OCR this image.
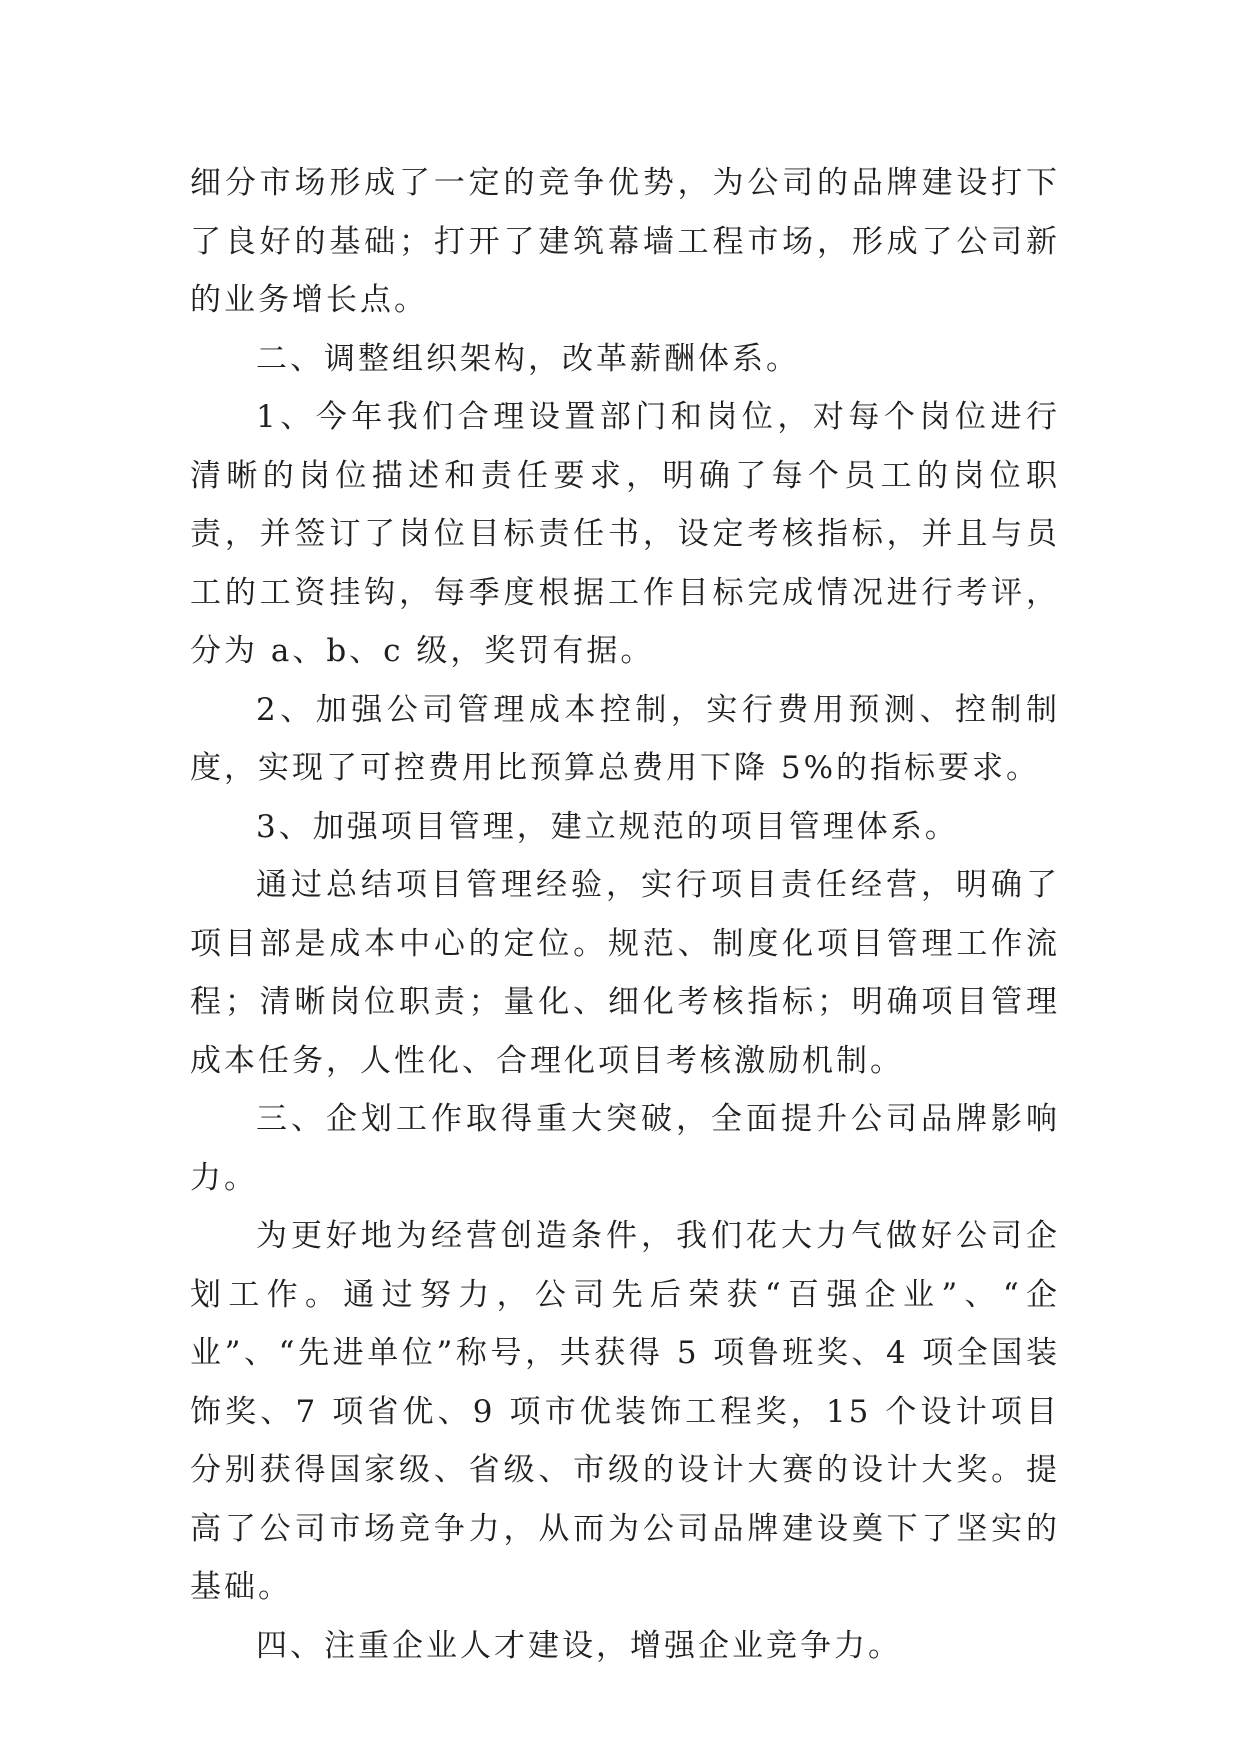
细分市场形成了一定的竞争优势，为公司的品牌建设打下了良好的基础；打开了建筑幕墙工程市场，形成了公司新的业务增长点。

二、调整组织架构，改革薪酬体系。

1、今年我们合理设置部门和岗位，对每个岗位进行清晰的岗位描述和责任要求，明确了每个员工的岗位职责，并签订了岗位目标责任书，设定考核指标，并且与员工的工资挂钩，每季度根据工作目标完成情况进行考评，分为 a、b、c 级，奖罚有据。

2、加强公司管理成本控制，实行费用预测、控制制度，实现了可控费用比预算总费用下降 5%的指标要求。

3、加强项目管理，建立规范的项目管理体系。

通过总结项目管理经验，实行项目责任经营，明确了项目部是成本中心的定位。规范、制度化项目管理工作流程；清晰岗位职责；量化、细化考核指标；明确项目管理成本任务，人性化、合理化项目考核激励机制。

三、企划工作取得重大突破，全面提升公司品牌影响力。

为更好地为经营创造条件，我们花大力气做好公司企划工作。通过努力，公司先后荣获“百强企业”、“企业”、“先进单位”称号，共获得 5 项鲁班奖、4 项全国装饰奖、7 项省优、9 项市优装饰工程奖，15 个设计项目分别获得国家级、省级、市级的设计大赛的设计大奖。提高了公司市场竞争力，从而为公司品牌建设奠下了坚实的基础。

四、注重企业人才建设，增强企业竞争力。
